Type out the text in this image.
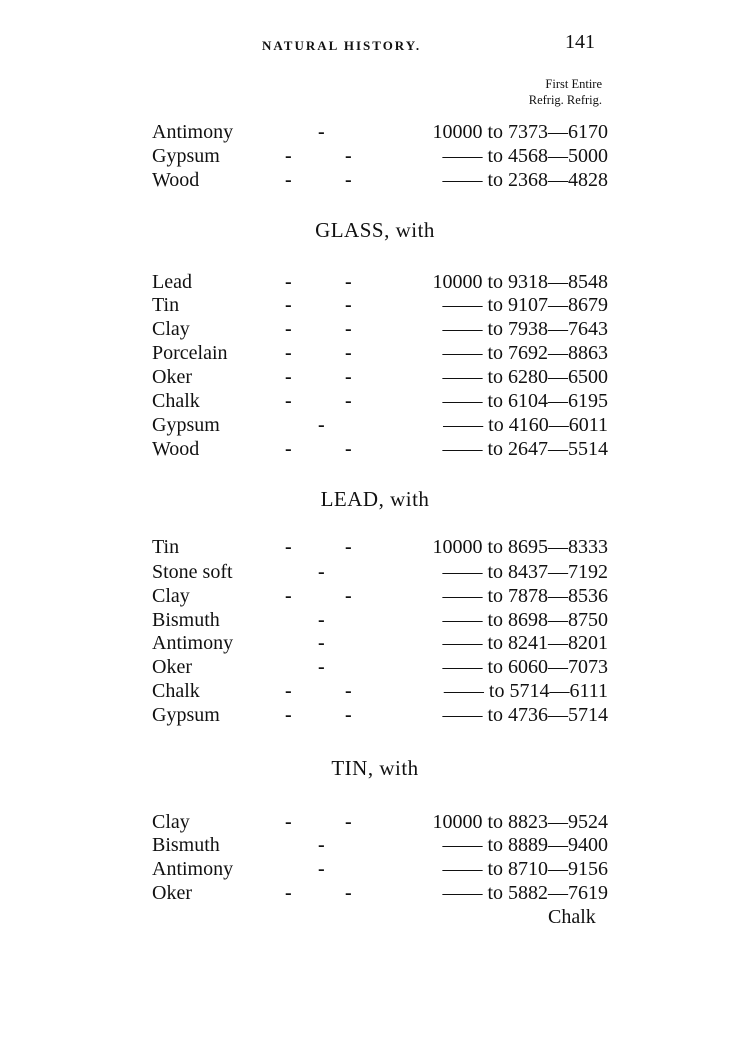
NATURAL HISTORY.	141
First Entire
Refrig. Refrig.
Antimony	-	10000 to 7373—6170
Gypsum	-	-	—— to 4568—5000
Wood	-	-	—— to 2368—4828
GLASS, with
Lead	-	-	10000 to 9318—8548
Tin	-	-	—— to 9107—8679
Clay	-	-	—— to 7938—7643
Porcelain	-	-	—— to 7692—8863
Oker	-	-	—— to 6280—6500
Chalk	-	-	—— to 6104—6195
Gypsum	-	—— to 4160—6011
Wood	-	-	—— to 2647—5514
LEAD, with
Tin	-	-	10000 to 8695—8333
Stone soft	-	—— to 8437—7192
Clay	-	-	—— to 7878—8536
Bismuth	-	—— to 8698—8750
Antimony	-	—— to 8241—8201
Oker	-	—— to 6060—7073
Chalk	-	-	—— to 5714—6111
Gypsum	-	-	—— to 4736—5714
TIN, with
Clay	-	-	10000 to 8823—9524
Bismuth	-	—— to 8889—9400
Antimony	-	—— to 8710—9156
Oker	-	-	—— to 5882—7619
Chalk
